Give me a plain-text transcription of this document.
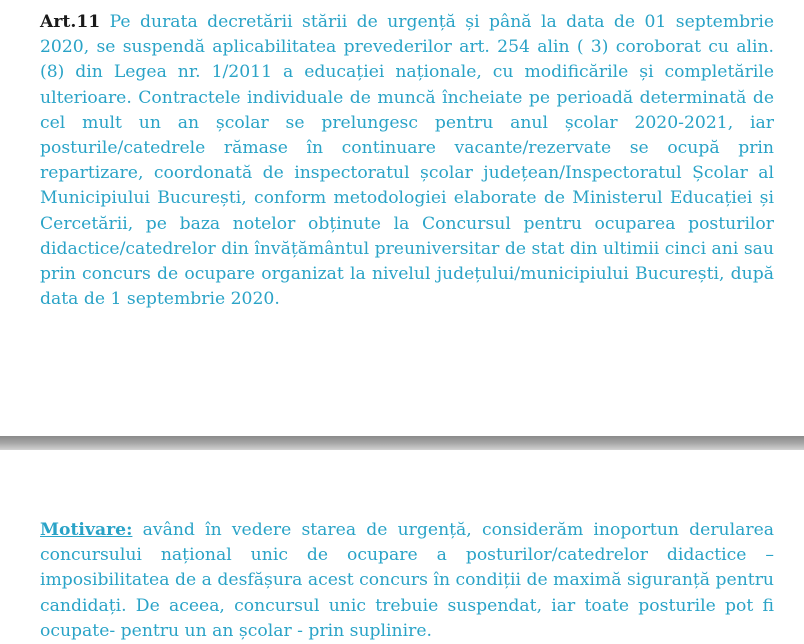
Art.11 Pe durata decretării stării de urgență și până la data de 01 septembrie 2020, se suspendă aplicabilitatea prevederilor art. 254 alin ( 3) coroborat cu alin. (8) din Legea nr. 1/2011 a educației naționale, cu modificările și completările ulterioare. Contractele individuale de muncă încheiate pe perioadă determinată de cel mult un an școlar se prelungesc pentru anul școlar 2020-2021, iar posturile/catedrele rămase în continuare vacante/rezervate se ocupă prin repartizare, coordonată de inspectoratul școlar județean/Inspectoratul Școlar al Municipiului București, conform metodologiei elaborate de Ministerul Educației și Cercetării, pe baza notelor obținute la Concursul pentru ocuparea posturilor didactice/catedrelor din învățământul preuniversitar de stat din ultimii cinci ani sau prin concurs de ocupare organizat la nivelul județului/municipiului București, după data de 1 septembrie 2020.

Motivare: având în vedere starea de urgență, considerăm inoportun derularea concursului național unic de ocupare a posturilor/catedrelor didactice –imposibilitatea de a desfășura acest concurs în condiții de maximă siguranță pentru candidați. De aceea, concursul unic trebuie suspendat, iar toate posturile pot fi ocupate- pentru un an școlar - prin suplinire.
